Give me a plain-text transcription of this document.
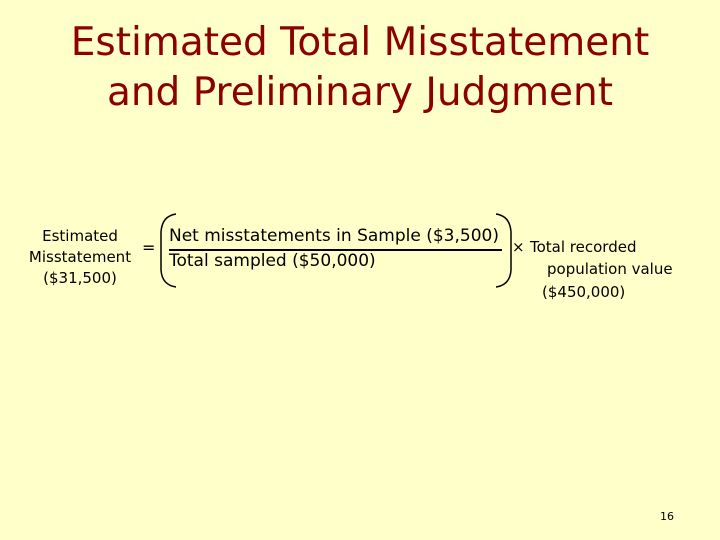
Estimated Total Misstatement
and Preliminary Judgment
Estimated
Misstatement
($31,500)
=
Net misstatements in Sample ($3,500)
Total sampled ($50,000)
× Total recorded
population value
($450,000)
16
